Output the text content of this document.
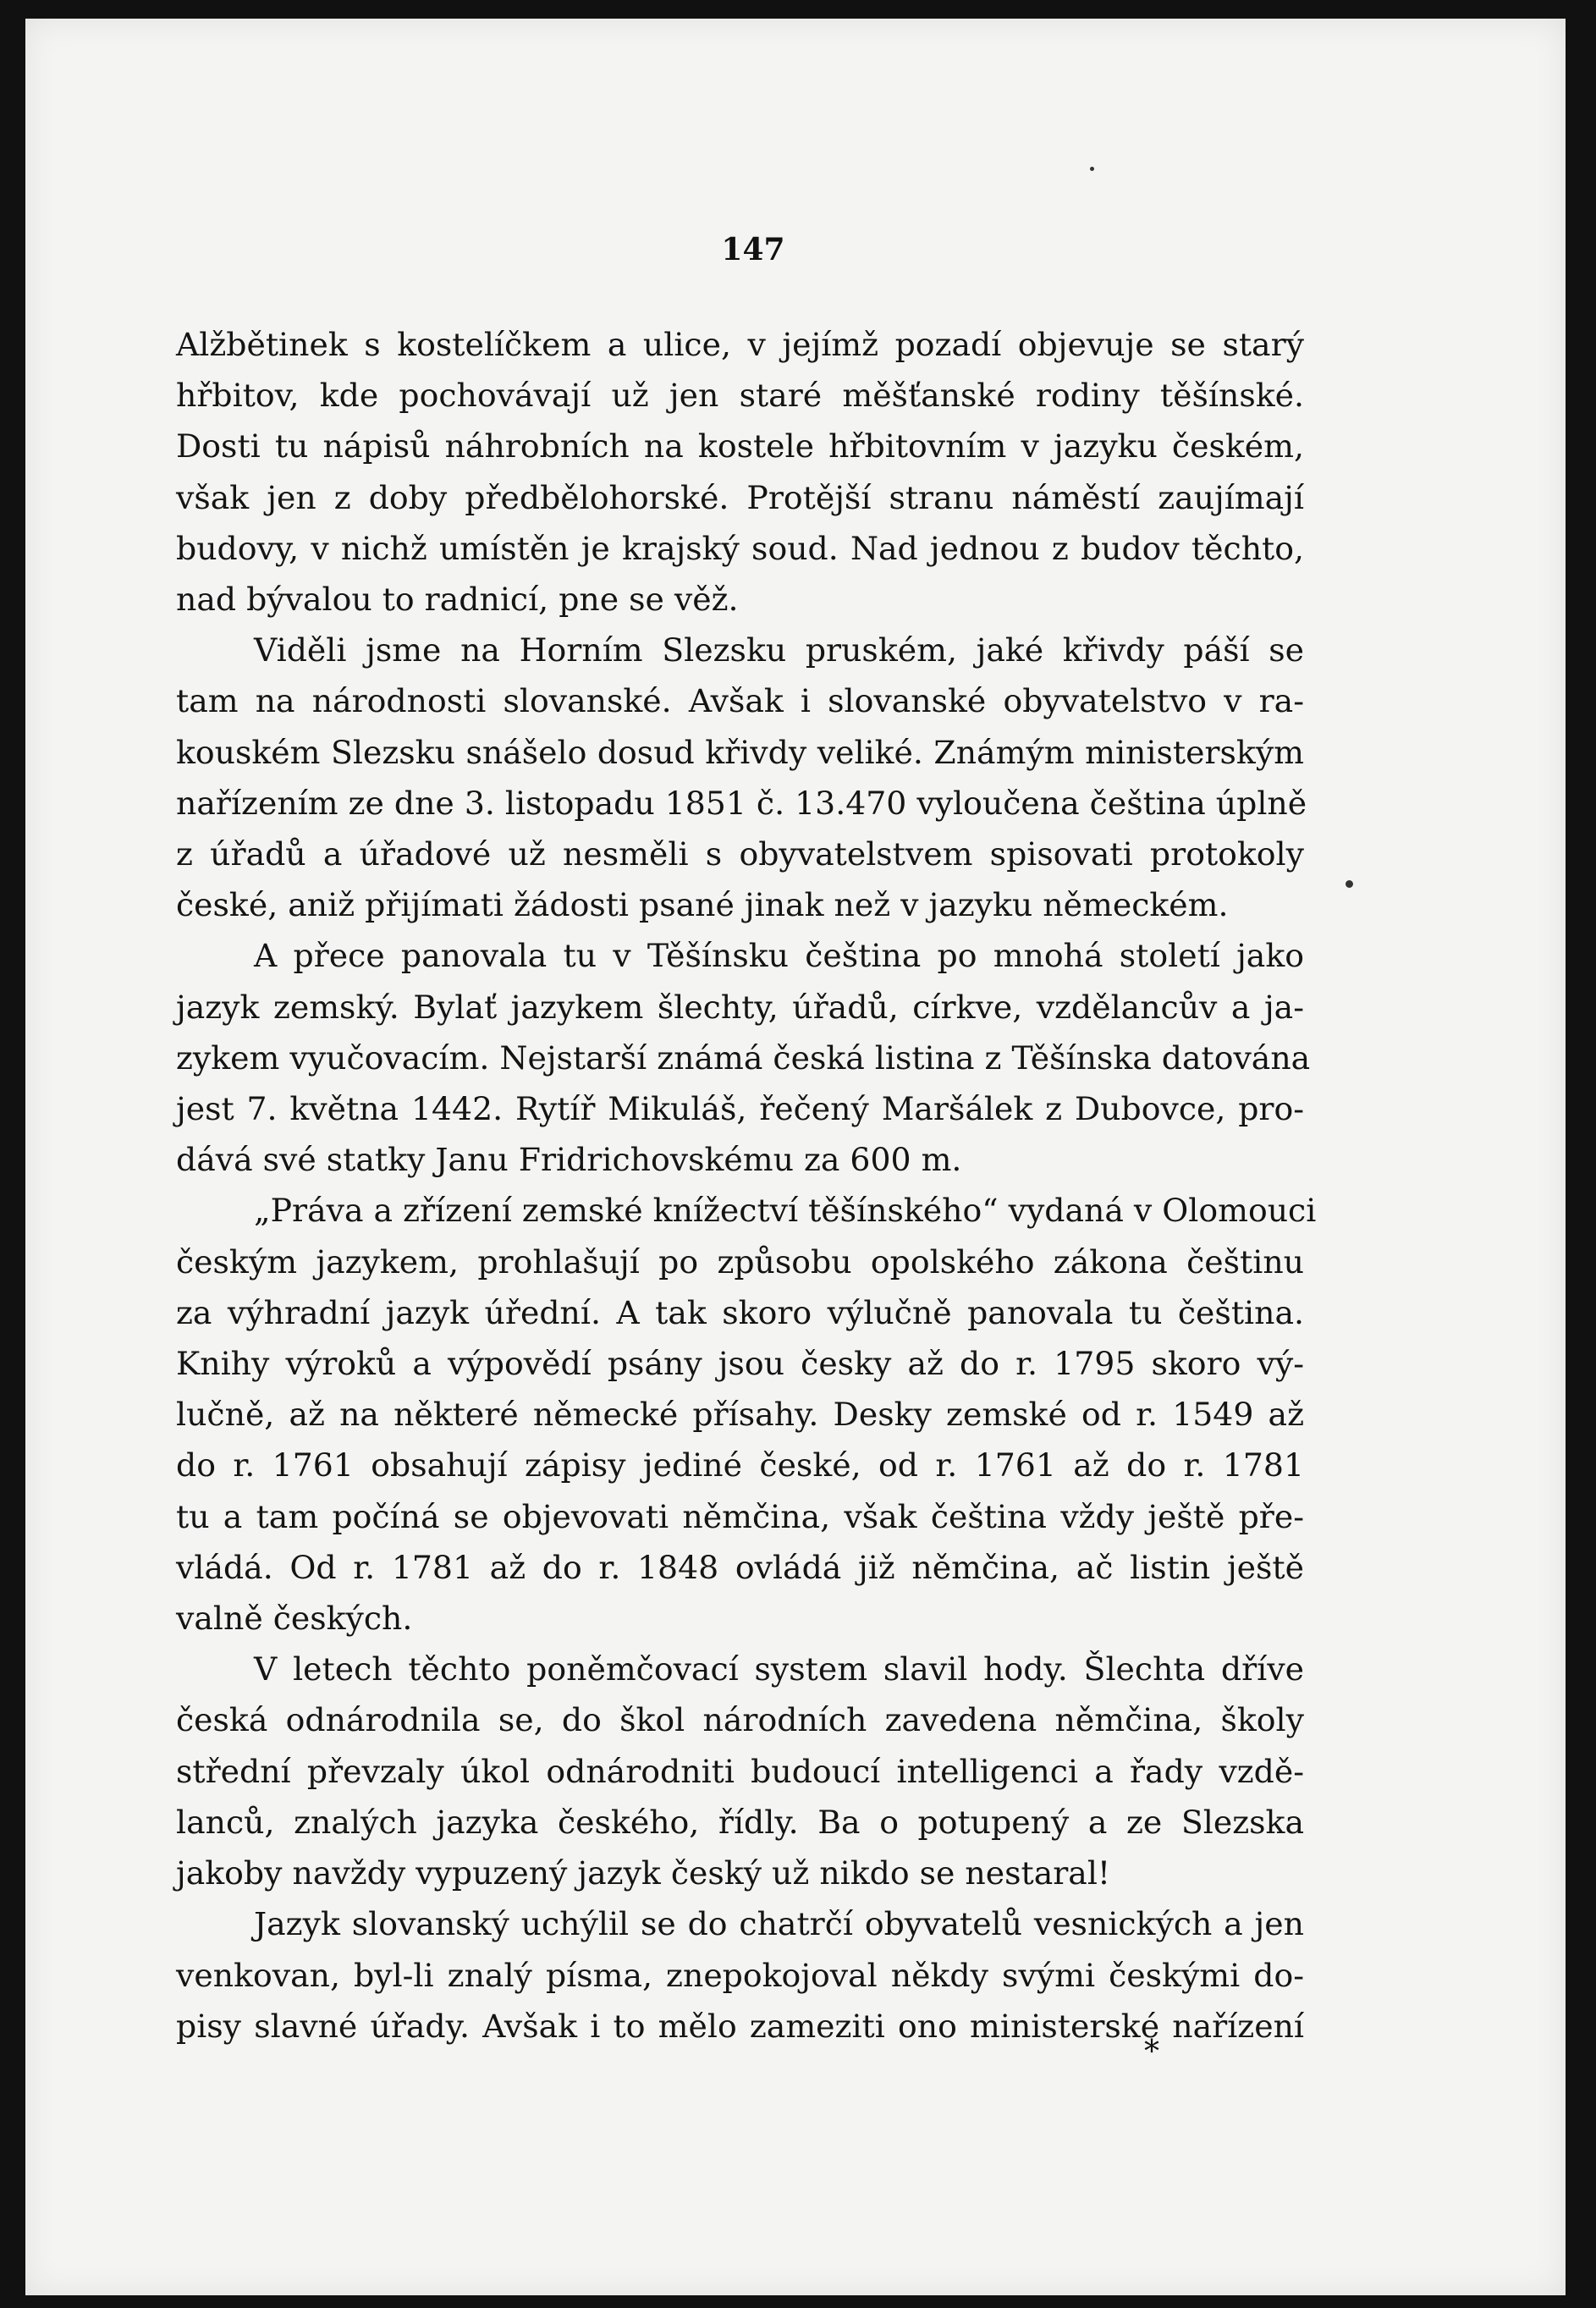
147
Alžbětinek s kostelíčkem a ulice, v jejímž pozadí objevuje se starý
hřbitov, kde pochovávají už jen staré měšťanské rodiny těšínské.
Dosti tu nápisů náhrobních na kostele hřbitovním v jazyku českém,
však jen z doby předbělohorské. Protější stranu náměstí zaujímají
budovy, v nichž umístěn je krajský soud. Nad jednou z budov těchto,
nad bývalou to radnicí, pne se věž.
Viděli jsme na Horním Slezsku pruském, jaké křivdy páší se
tam na národnosti slovanské. Avšak i slovanské obyvatelstvo v ra-
kouském Slezsku snášelo dosud křivdy veliké. Známým ministerským
nařízením ze dne 3. listopadu 1851 č. 13.470 vyloučena čeština úplně
z úřadů a úřadové už nesměli s obyvatelstvem spisovati protokoly
české, aniž přijímati žádosti psané jinak než v jazyku německém.
A přece panovala tu v Těšínsku čeština po mnohá století jako
jazyk zemský. Bylať jazykem šlechty, úřadů, církve, vzdělancův a ja-
zykem vyučovacím. Nejstarší známá česká listina z Těšínska datována
jest 7. května 1442. Rytíř Mikuláš, řečený Maršálek z Dubovce, pro-
dává své statky Janu Fridrichovskému za 600 m.
„Práva a zřízení zemské knížectví těšínského“ vydaná v Olomouci
českým jazykem, prohlašují po způsobu opolského zákona češtinu
za výhradní jazyk úřední. A tak skoro výlučně panovala tu čeština.
Knihy výroků a výpovědí psány jsou česky až do r. 1795 skoro vý-
lučně, až na některé německé přísahy. Desky zemské od r. 1549 až
do r. 1761 obsahují zápisy jediné české, od r. 1761 až do r. 1781
tu a tam počíná se objevovati němčina, však čeština vždy ještě pře-
vládá. Od r. 1781 až do r. 1848 ovládá již němčina, ač listin ještě
valně českých.
V letech těchto poněmčovací system slavil hody. Šlechta dříve
česká odnárodnila se, do škol národních zavedena němčina, školy
střední převzaly úkol odnárodniti budoucí intelligenci a řady vzdě-
lanců, znalých jazyka českého, řídly. Ba o potupený a ze Slezska
jakoby navždy vypuzený jazyk český už nikdo se nestaral!
Jazyk slovanský uchýlil se do chatrčí obyvatelů vesnických a jen
venkovan, byl-li znalý písma, znepokojoval někdy svými českými do-
pisy slavné úřady. Avšak i to mělo zameziti ono ministerské nařízení
*
